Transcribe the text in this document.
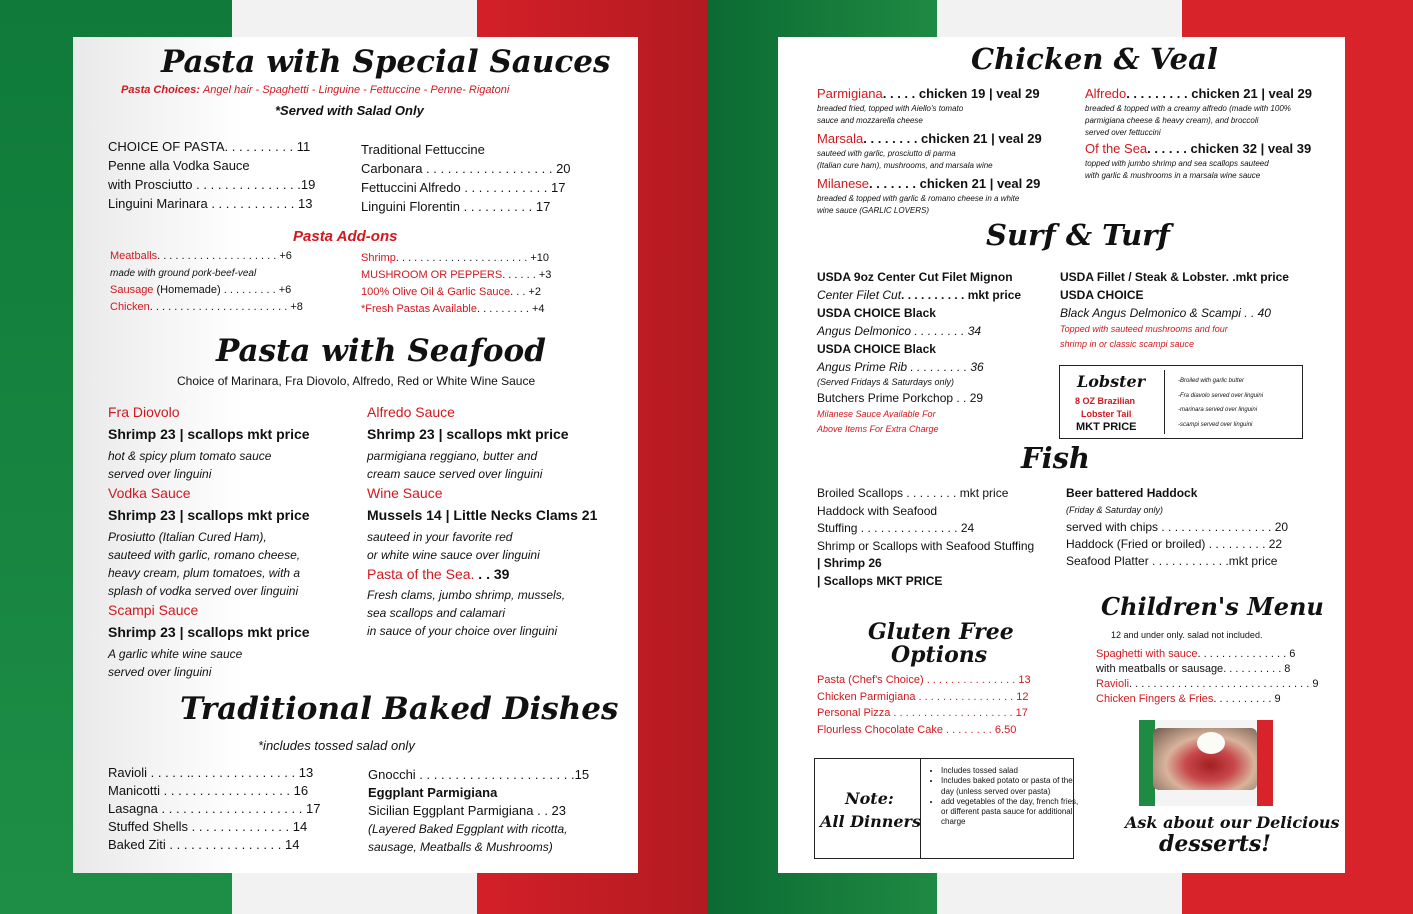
Pasta with Special Sauces
Pasta Choices: Angel hair - Spaghetti - Linguine - Fettuccine - Penne- Rigatoni
*Served with Salad Only
CHOICE OF PASTA. . . . . . . . . . 11
Penne alla Vodka Sauce
with Prosciutto . . . . . . . . . . . . . . .19
Linguini Marinara . . . . . . . . . . . . 13
Traditional Fettuccine
Carbonara . . . . . . . . . . . . . . . . . . 20
Fettuccini Alfredo . . . . . . . . . . . . 17
Linguini Florentin . . . . . . . . . . 17
Pasta Add-ons
Meatballs. . . . . . . . . . . . . . . . . . . . +6
made with ground pork-beef-veal
Sausage (Homemade) . . . . . . . . . +6
Chicken. . . . . . . . . . . . . . . . . . . . . . . +8
Shrimp. . . . . . . . . . . . . . . . . . . . . . +10
MUSHROOM OR PEPPERS. . . . . . +3
100% Olive Oil & Garlic Sauce. . . +2
*Fresh Pastas Available. . . . . . . . . +4
Pasta with Seafood
Choice of Marinara, Fra Diovolo, Alfredo, Red or White Wine Sauce
Fra Diovolo
Shrimp 23 | scallops mkt price
hot & spicy plum tomato sauce
served over linguini
Vodka Sauce
Shrimp 23 | scallops mkt price
Prosiutto (Italian Cured Ham),
sauteed with garlic, romano cheese,
heavy cream, plum tomatoes, with a
splash of vodka served over linguini
Scampi Sauce
Shrimp 23 | scallops mkt price
A garlic white wine sauce
served over linguini
Alfredo Sauce
Shrimp 23 | scallops mkt price
parmigiana reggiano, butter and
cream sauce served over linguini
Wine Sauce
Mussels 14 | Little Necks Clams 21
sauteed in your favorite red
or white wine sauce over linguini
Pasta of the Sea. . . 39
Fresh clams, jumbo shrimp, mussels,
sea scallops and calamari
in sauce of your choice over linguini
Traditional Baked Dishes
*includes tossed salad only
Ravioli . . . . . .. . . . . . . . . . . . . . . 13
Manicotti . . . . . . . . . . . . . . . . . . 16
Lasagna . . . . . . . . . . . . . . . . . . . . 17
Stuffed Shells . . . . . . . . . . . . . . 14
Baked Ziti . . . . . . . . . . . . . . . . 14
Gnocchi . . . . . . . . . . . . . . . . . . . . . .15
Eggplant Parmigiana
Sicilian Eggplant Parmigiana . . 23
(Layered Baked Eggplant with ricotta,
sausage, Meatballs & Mushrooms)
Chicken & Veal
Parmigiana. . . . . chicken 19 | veal 29
breaded fried, topped with Aiello's tomato
sauce and mozzarella cheese
Marsala. . . . . . . . chicken 21 | veal 29
sauteed with garlic, prosciutto di parma
(Italian cure ham), mushrooms, and marsala wine
Milanese. . . . . . . chicken 21 | veal 29
breaded & topped with garlic & romano cheese in a white
wine sauce (GARLIC LOVERS)
Alfredo. . . . . . . . . chicken 21 | veal 29
breaded & topped with a creamy alfredo (made with 100%
parmigiana cheese & heavy cream), and broccoli
served over fettuccini
Of the Sea. . . . . . chicken 32 | veal 39
topped with jumbo shrimp and sea scallops sauteed
with garlic & mushrooms in a marsala wine sauce
Surf & Turf
USDA 9oz Center Cut Filet Mignon
Center Filet Cut. . . . . . . . . . mkt price
USDA CHOICE Black
Angus Delmonico . . . . . . . . 34
USDA CHOICE Black
Angus Prime Rib . . . . . . . . . 36
(Served Fridays & Saturdays only)
Butchers Prime Porkchop . . 29
Milanese Sauce Available For
Above Items For Extra Charge
USDA Fillet / Steak & Lobster. .mkt price
USDA CHOICE
Black Angus Delmonico & Scampi . . 40
Topped with sauteed mushrooms and four
shrimp in or classic scampi sauce
Lobster
8 OZ Brazilian
Lobster Tail
MKT PRICE
-Broiled with garlic butter
-Fra diavolo served over linguini
-marinara served over linguini
-scampi served over linguini
Fish
Broiled Scallops . . . . . . . . mkt price
Haddock with Seafood
Stuffing . . . . . . . . . . . . . . . 24
Shrimp or Scallops with Seafood Stuffing
| Shrimp 26
| Scallops MKT PRICE
Beer battered Haddock
(Friday & Saturday only)
served with chips . . . . . . . . . . . . . . . . . 20
Haddock (Fried or broiled) . . . . . . . . . 22
Seafood Platter . . . . . . . . . . . .mkt price
Gluten Free
Options
Pasta (Chef's Choice) . . . . . . . . . . . . . . . 13
Chicken Parmigiana . . . . . . . . . . . . . . . . 12
Personal Pizza . . . . . . . . . . . . . . . . . . . . 17
Flourless Chocolate Cake . . . . . . . . 6.50
Children's Menu
12 and under only. salad not included.
Spaghetti with sauce. . . . . . . . . . . . . . . 6
with meatballs or sausage. . . . . . . . . . 8
Ravioli. . . . . . . . . . . . . . . . . . . . . . . . . . . . . . 9
Chicken Fingers & Fries. . . . . . . . . . 9
Note:
All Dinners
• Includes tossed salad
• Includes baked potato or pasta of the day (unless served over pasta)
• add vegetables of the day, french fries, or different pasta sauce for additional charge	Ask about our Delicious
desserts!
